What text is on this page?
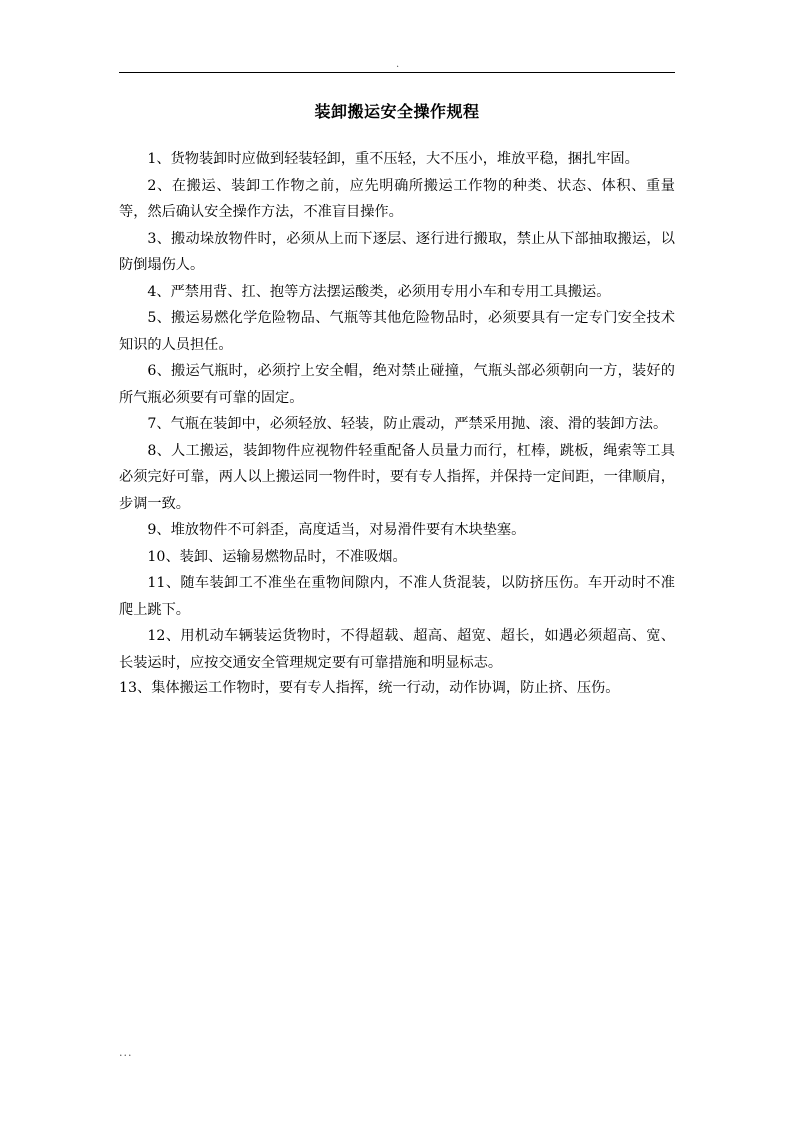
.
装卸搬运安全操作规程

1、货物装卸时应做到轻装轻卸，重不压轻，大不压小，堆放平稳，捆扎牢固。

2、在搬运、装卸工作物之前，应先明确所搬运工作物的种类、状态、体积、重量等，然后确认安全操作方法，不准盲目操作。

3、搬动垛放物件时，必须从上而下逐层、逐行进行搬取，禁止从下部抽取搬运，以防倒塌伤人。

4、严禁用背、扛、抱等方法摆运酸类，必须用专用小车和专用工具搬运。

5、搬运易燃化学危险物品、气瓶等其他危险物品时，必须要具有一定专门安全技术知识的人员担任。

6、搬运气瓶时，必须拧上安全帽，绝对禁止碰撞，气瓶头部必须朝向一方，装好的所气瓶必须要有可靠的固定。

7、气瓶在装卸中，必须轻放、轻装，防止震动，严禁采用抛、滚、滑的装卸方法。

8、人工搬运，装卸物件应视物件轻重配备人员量力而行，杠棒，跳板，绳索等工具必须完好可靠，两人以上搬运同一物件时，要有专人指挥，并保持一定间距，一律顺肩，步调一致。

9、堆放物件不可斜歪，高度适当，对易滑件要有木块垫塞。

10、装卸、运输易燃物品时，不准吸烟。

11、随车装卸工不准坐在重物间隙内，不准人货混装，以防挤压伤。车开动时不准爬上跳下。

12、用机动车辆装运货物时，不得超载、超高、超宽、超长，如遇必须超高、宽、长装运时，应按交通安全管理规定要有可靠措施和明显标志。

13、集体搬运工作物时，要有专人指挥，统一行动，动作协调，防止挤、压伤。

...
